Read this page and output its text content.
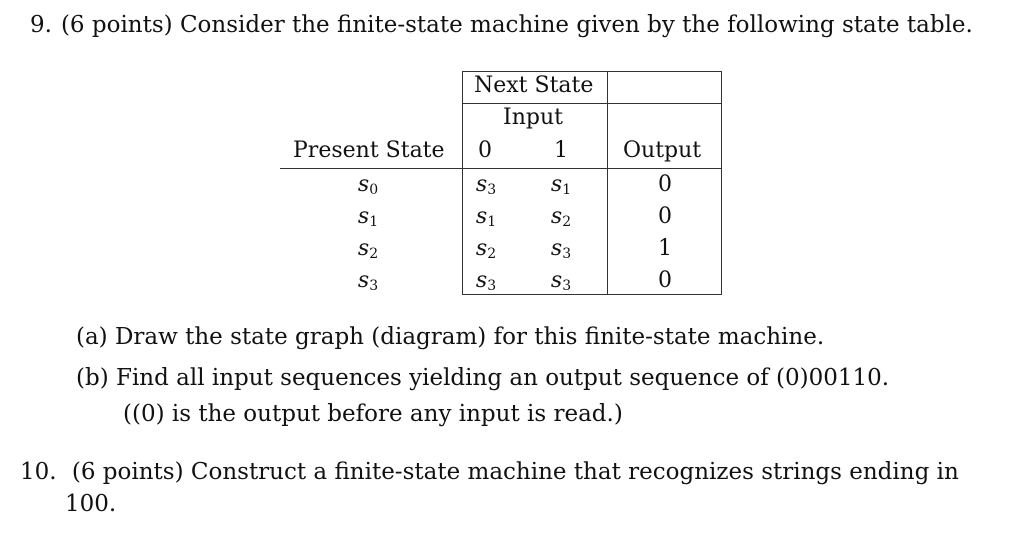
9. (6 points) Consider the finite-state machine given by the following state table.
Next State
Input
Present State 0	1	Output
$s_0$	$s_3$	$s_1$	0
$s_1$	$s_1$	$s_2$	0
$s_2$	$s_2$	$s_3$	1
$s_3$	$s_3$	$s_3$	0
(a) Draw the state graph (diagram) for this finite-state machine.
(b) Find all input sequences yielding an output sequence of (0)00110.
((0) is the output before any input is read.)
10. (6 points) Construct a finite-state machine that recognizes strings ending in
100.
